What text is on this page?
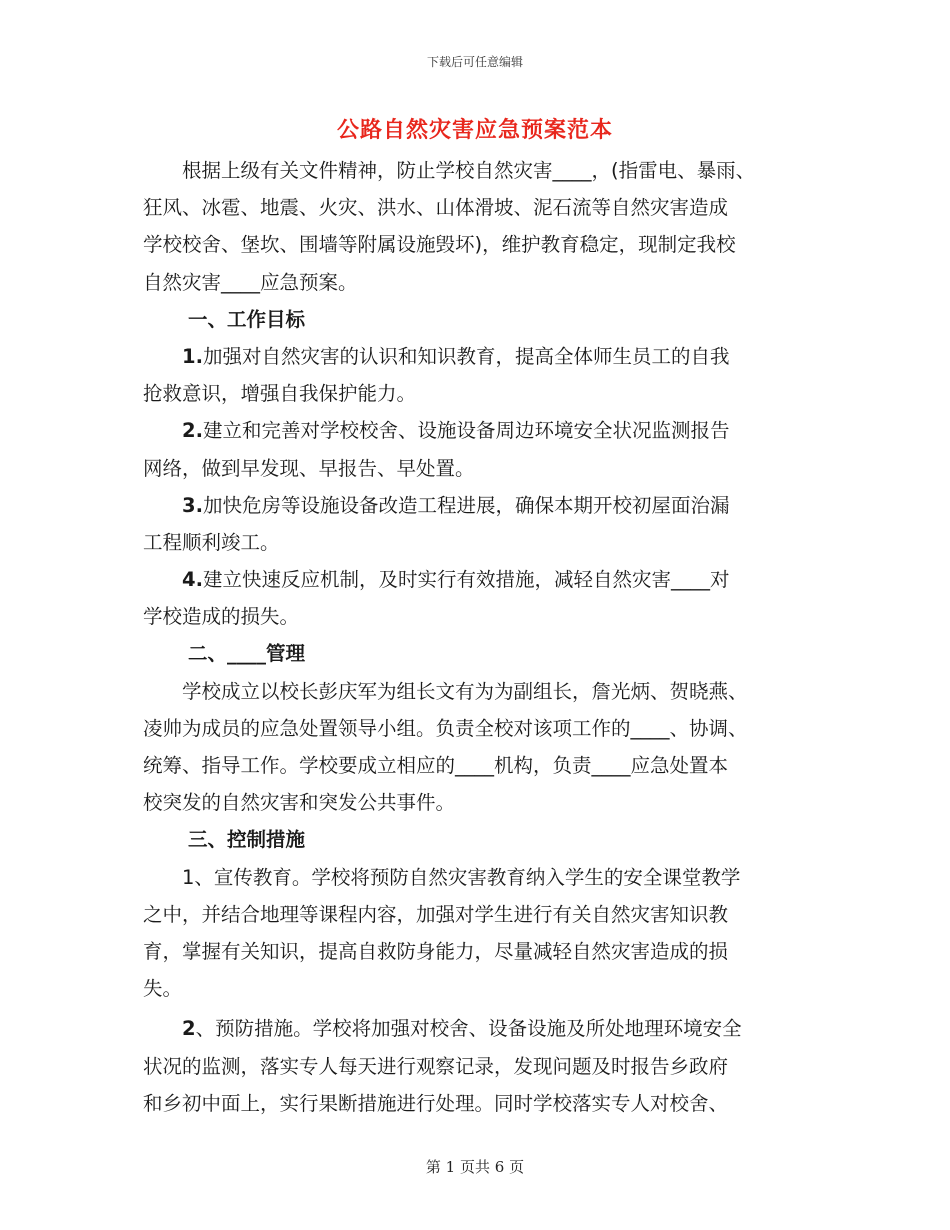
下载后可任意编辑
公路自然灾害应急预案范本
根据上级有关文件精神，防止学校自然灾害____，(指雷电、暴雨、
狂风、冰雹、地震、火灾、洪水、山体滑坡、泥石流等自然灾害造成
学校校舍、堡坎、围墙等附属设施毁坏)，维护教育稳定，现制定我校
自然灾害____应急预案。
一、工作目标
1.加强对自然灾害的认识和知识教育，提高全体师生员工的自我
抢救意识，增强自我保护能力。
2.建立和完善对学校校舍、设施设备周边环境安全状况监测报告
网络，做到早发现、早报告、早处置。
3.加快危房等设施设备改造工程进展，确保本期开校初屋面治漏
工程顺利竣工。
4.建立快速反应机制，及时实行有效措施，减轻自然灾害____对
学校造成的损失。
二、____管理
学校成立以校长彭庆军为组长文有为为副组长，詹光炳、贺晓燕、
凌帅为成员的应急处置领导小组。负责全校对该项工作的____、协调、
统筹、指导工作。学校要成立相应的____机构，负责____应急处置本
校突发的自然灾害和突发公共事件。
三、控制措施
1、宣传教育。学校将预防自然灾害教育纳入学生的安全课堂教学
之中，并结合地理等课程内容，加强对学生进行有关自然灾害知识教
育，掌握有关知识，提高自救防身能力，尽量减轻自然灾害造成的损
失。
2、预防措施。学校将加强对校舍、设备设施及所处地理环境安全
状况的监测，落实专人每天进行观察记录，发现问题及时报告乡政府
和乡初中面上，实行果断措施进行处理。同时学校落实专人对校舍、
第 1 页共 6 页
